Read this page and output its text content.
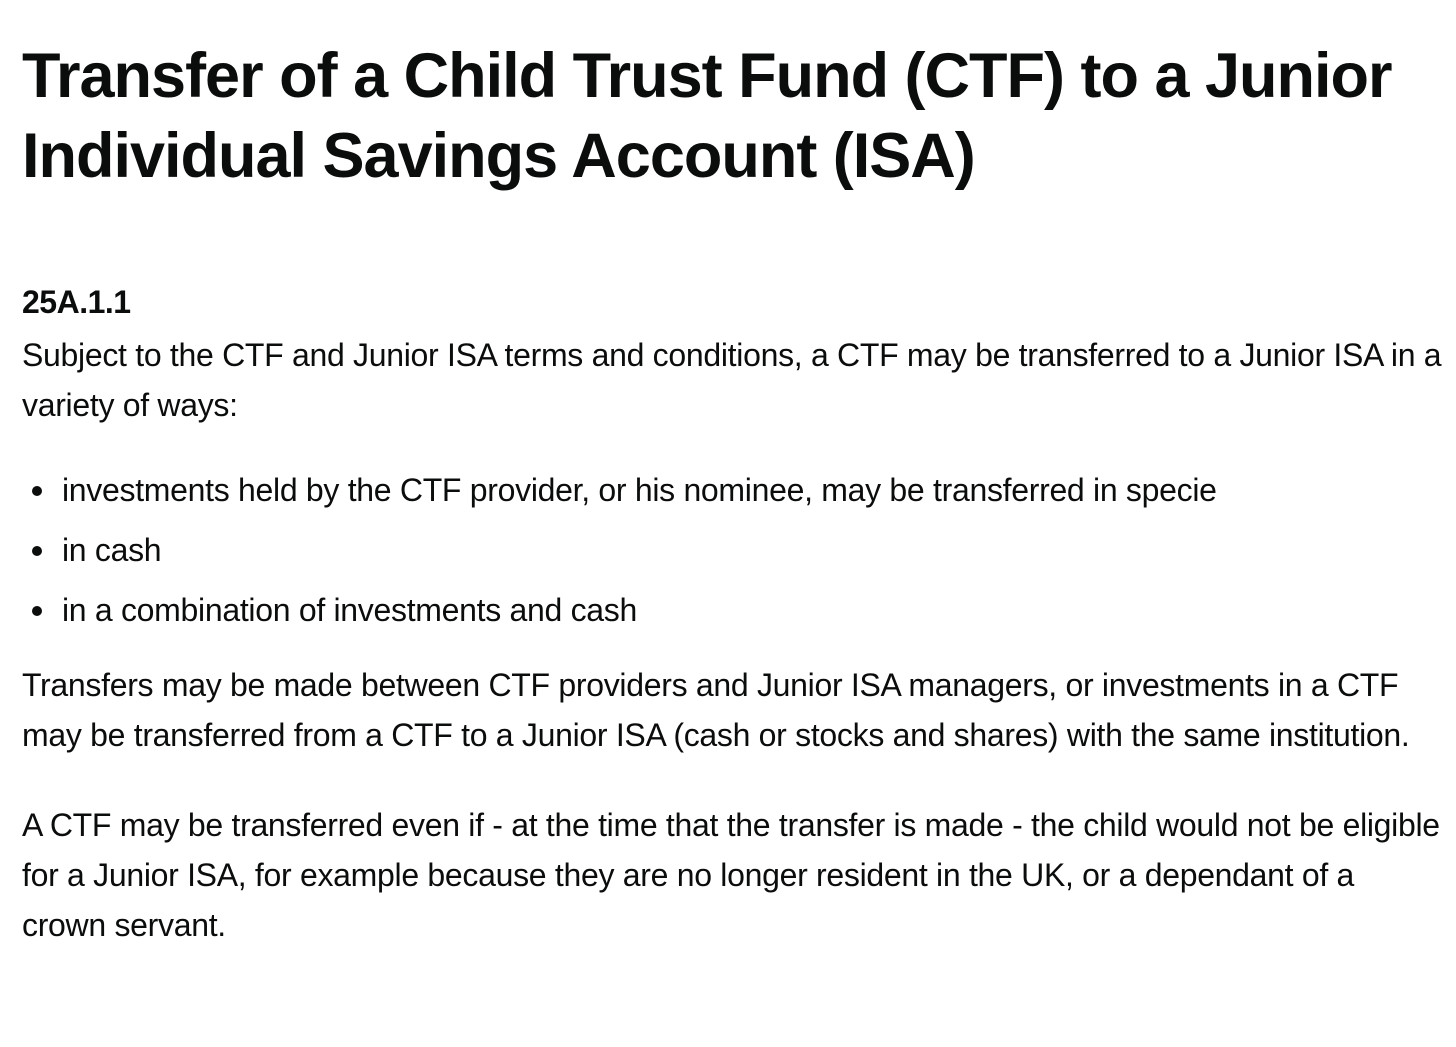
Transfer of a Child Trust Fund (CTF) to a Junior Individual Savings Account (ISA)
25A.1.1

Subject to the CTF and Junior ISA terms and conditions, a CTF may be transferred to a Junior ISA in a variety of ways:

investments held by the CTF provider, or his nominee, may be transferred in specie
in cash
in a combination of investments and cash

Transfers may be made between CTF providers and Junior ISA managers, or investments in a CTF may be transferred from a CTF to a Junior ISA (cash or stocks and shares) with the same institution.

A CTF may be transferred even if - at the time that the transfer is made - the child would not be eligible for a Junior ISA, for example because they are no longer resident in the UK, or a dependant of a crown servant.
